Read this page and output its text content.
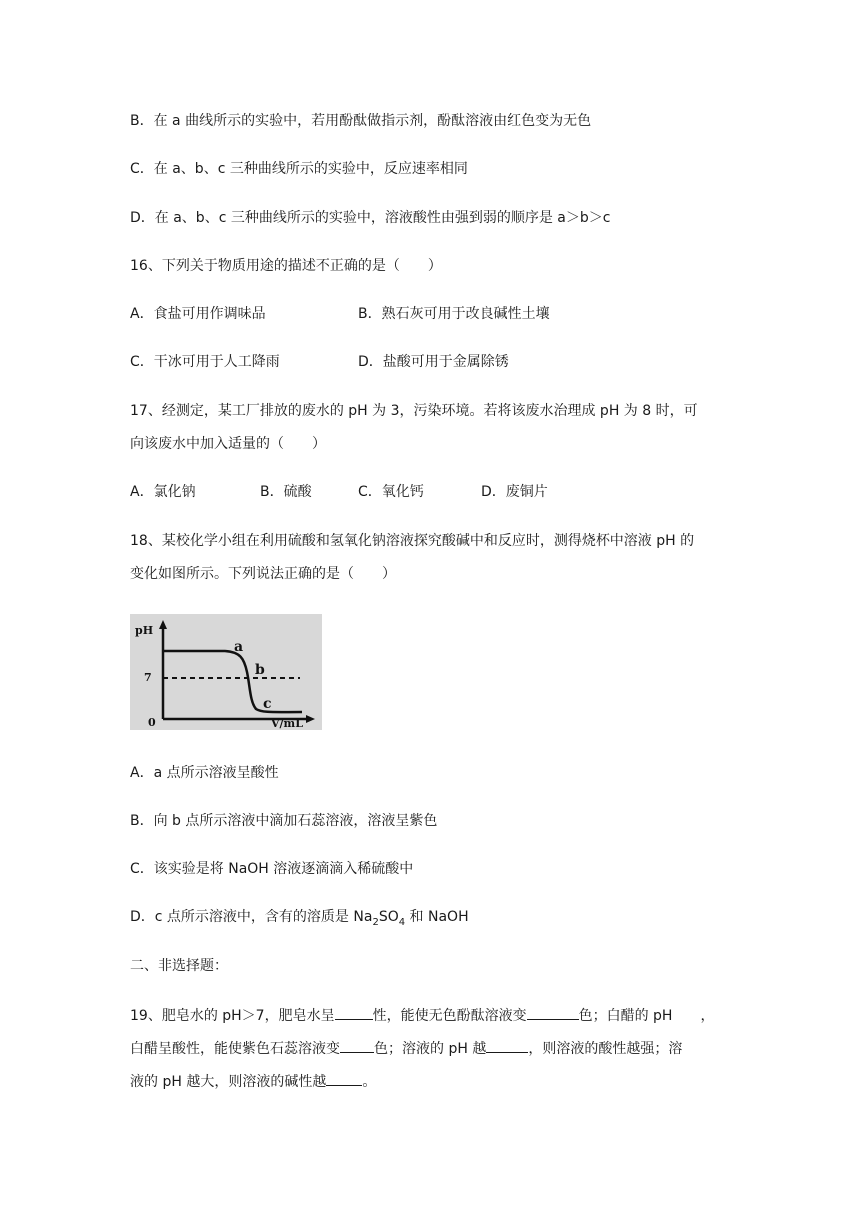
B．在 a 曲线所示的实验中，若用酚酞做指示剂，酚酞溶液由红色变为无色
C．在 a、b、c 三种曲线所示的实验中，反应速率相同
D．在 a、b、c 三种曲线所示的实验中，溶液酸性由强到弱的顺序是 a＞b＞c
16、下列关于物质用途的描述不正确的是（　　）
A．食盐可用作调味品	B．熟石灰可用于改良碱性土壤
C．干冰可用于人工降雨	D．盐酸可用于金属除锈
17、经测定，某工厂排放的废水的 pH 为 3，污染环境。若将该废水治理成 pH 为 8 时，可
向该废水中加入适量的（　　）
A．氯化钠	B．硫酸	C．氧化钙	D．废铜片
18、某校化学小组在利用硫酸和氢氧化钠溶液探究酸碱中和反应时，测得烧杯中溶液 pH 的
变化如图所示。下列说法正确的是（　　）
pH
7
0	V/mL
a
b
c
A．a 点所示溶液呈酸性
B．向 b 点所示溶液中滴加石蕊溶液，溶液呈紫色
C．该实验是将 NaOH 溶液逐滴滴入稀硫酸中
D．c 点所示溶液中，含有的溶质是 $Na_2SO_4$ 和 NaOH
二、非选择题：
19、肥皂水的 pH＞7，肥皂水呈	性，能使无色酚酞溶液变	色；白醋的 pH ，
白醋呈酸性，能使紫色石蕊溶液变 色；溶液的 pH 越	，则溶液的酸性越强；溶
液的 pH 越大，则溶液的碱性越	。
